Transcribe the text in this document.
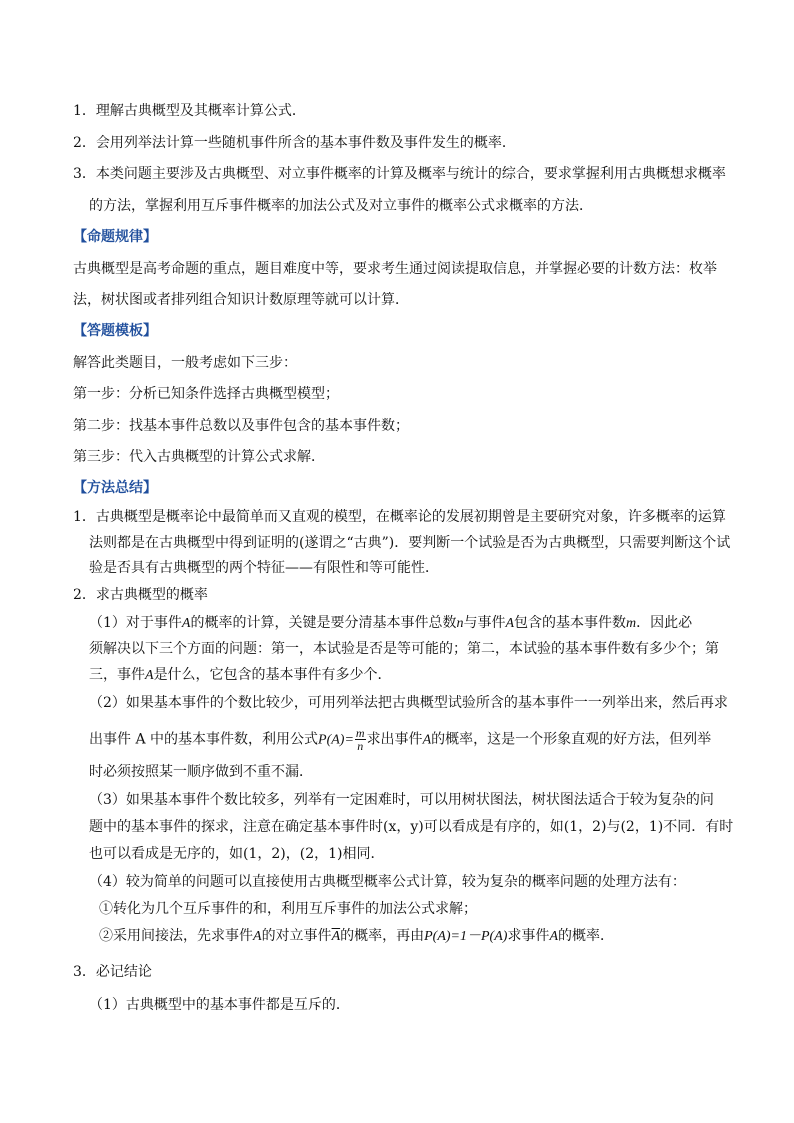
1．理解古典概型及其概率计算公式．
2．会用列举法计算一些随机事件所含的基本事件数及事件发生的概率．
3．本类问题主要涉及古典概型、对立事件概率的计算及概率与统计的综合，要求掌握利用古典概想求概率
的方法，掌握利用互斥事件概率的加法公式及对立事件的概率公式求概率的方法．
【命题规律】
古典概型是高考命题的重点，题目难度中等，要求考生通过阅读提取信息，并掌握必要的计数方法：枚举
法，树状图或者排列组合知识计数原理等就可以计算．
【答题模板】
解答此类题目，一般考虑如下三步：
第一步：分析已知条件选择古典概型模型；
第二步：找基本事件总数以及事件包含的基本事件数；
第三步：代入古典概型的计算公式求解．
【方法总结】
1．古典概型是概率论中最简单而又直观的模型，在概率论的发展初期曾是主要研究对象，许多概率的运算
法则都是在古典概型中得到证明的(遂谓之“古典”)．要判断一个试验是否为古典概型，只需要判断这个试
验是否具有古典概型的两个特征——有限性和等可能性．
2．求古典概型的概率
（1）对于事件A的概率的计算，关键是要分清基本事件总数n与事件A包含的基本事件数m．因此必
须解决以下三个方面的问题：第一，本试验是否是等可能的；第二，本试验的基本事件数有多少个；第
三，事件A是什么，它包含的基本事件有多少个．
（2）如果基本事件的个数比较少，可用列举法把古典概型试验所含的基本事件一一列举出来，然后再求
出事件 A 中的基本事件数，利用公式$P(A)= \frac{m}{n}$ 求出事件A的概率，这是一个形象直观的好方法，但列举
时必须按照某一顺序做到不重不漏．
（3）如果基本事件个数比较多，列举有一定困难时，可以用树状图法，树状图法适合于较为复杂的问
题中的基本事件的探求，注意在确定基本事件时(x，y)可以看成是有序的，如(1，2)与(2，1)不同．有时
也可以看成是无序的，如(1，2)，(2，1)相同．
（4）较为简单的问题可以直接使用古典概型概率公式计算，较为复杂的概率问题的处理方法有：
①转化为几个互斥事件的和，利用互斥事件的加法公式求解；
②采用间接法，先求事件A的对立事件$\overline{A}$的概率，再由P(A)=1－P(A)求事件A的概率．
3．必记结论
（1）古典概型中的基本事件都是互斥的．
